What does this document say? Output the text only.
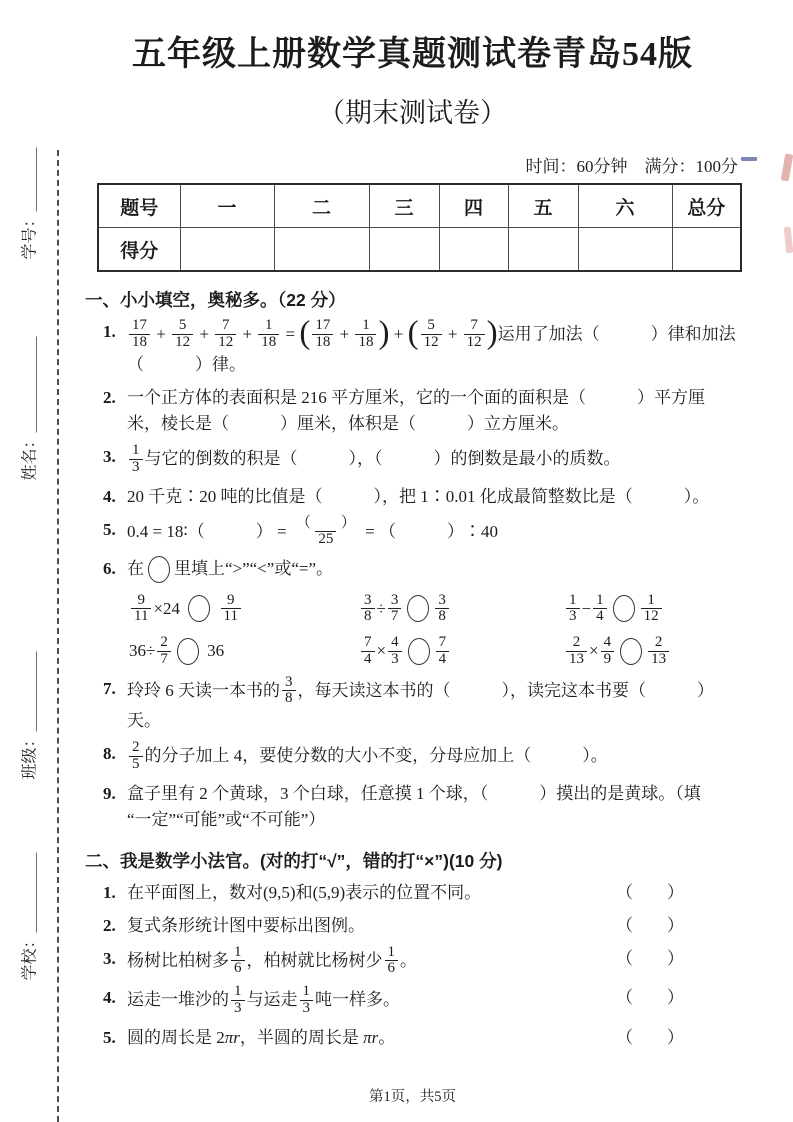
学号：＿＿＿＿
姓名：＿＿＿＿＿＿
班级：＿＿＿＿＿
学校：＿＿＿＿＿
五年级上册数学真题测试卷青岛54版
（期末测试卷）
时间：60分钟　满分：100分
题号	一	二	三	四	五	六	总分
得分							
一、小小填空，奥秘多。（22 分）
1. $\frac{17}{18} + \frac{5}{12} + \frac{7}{12} + \frac{1}{18}$ = ( $\frac{17}{18} + \frac{1}{18}$ ) + ( $\frac{5}{12} + \frac{7}{12}$ )运用了加法（　　　）律和加法
（　　　）律。
2. 一个正方体的表面积是 216 平方厘米，它的一个面的面积是（　　　）平方厘
米，棱长是（　　　）厘米，体积是（　　　）立方厘米。
3. $\frac{1}{3}$ 与它的倒数的积是（　　　），（　　　）的倒数是最小的质数。
4. 20 千克∶20 吨的比值是（　　　），把 1∶0.01 化成最简整数比是（　　　）。
5. 0.4 = 18∶（　　　） = $\frac{( )}{25}$ = （　　　）∶40
6. 在 里填上“>”“<”或“=”。
$\frac{9}{11} \times 24 \frac{9}{11}$	$\frac{3}{8} \div \frac{3}{7} \frac{3}{8}$	$\frac{1}{3} - \frac{1}{4} \frac{1}{12}$
$36\div \frac{2}{7} 36$	$\frac{7}{4} \times \frac{4}{3} \frac{7}{4}$	$\frac{2}{13} \times \frac{4}{9} \frac{2}{13}$
7. 玲玲 6 天读一本书的 $\frac{3}{8}$ ，每天读这本书的（　　　），读完这本书要（　　　）天。
8. $\frac{2}{5}$ 的分子加上 4，要使分数的大小不变，分母应加上（　　　）。
9. 盒子里有 2 个黄球，3 个白球，任意摸 1 个球，（　　　）摸出的是黄球。（填
“一定”“可能”或“不可能”）
二、我是数学小法官。(对的打“√”，错的打“×”)(10 分)
1. 在平面图上，数对(9,5)和(5,9)表示的位置不同。	（　　）
2. 复式条形统计图中要标出图例。	（　　）
3. 杨树比柏树多 $\frac{1}{6}$ ，柏树就比杨树少 $\frac{1}{6}$ 。	（　　）
4. 运走一堆沙的 $\frac{1}{3}$ 与运走 $\frac{1}{3}$ 吨一样多。	（　　）
5. 圆的周长是 2πr，半圆的周长是 πr。	（　　）
第1页，共5页
